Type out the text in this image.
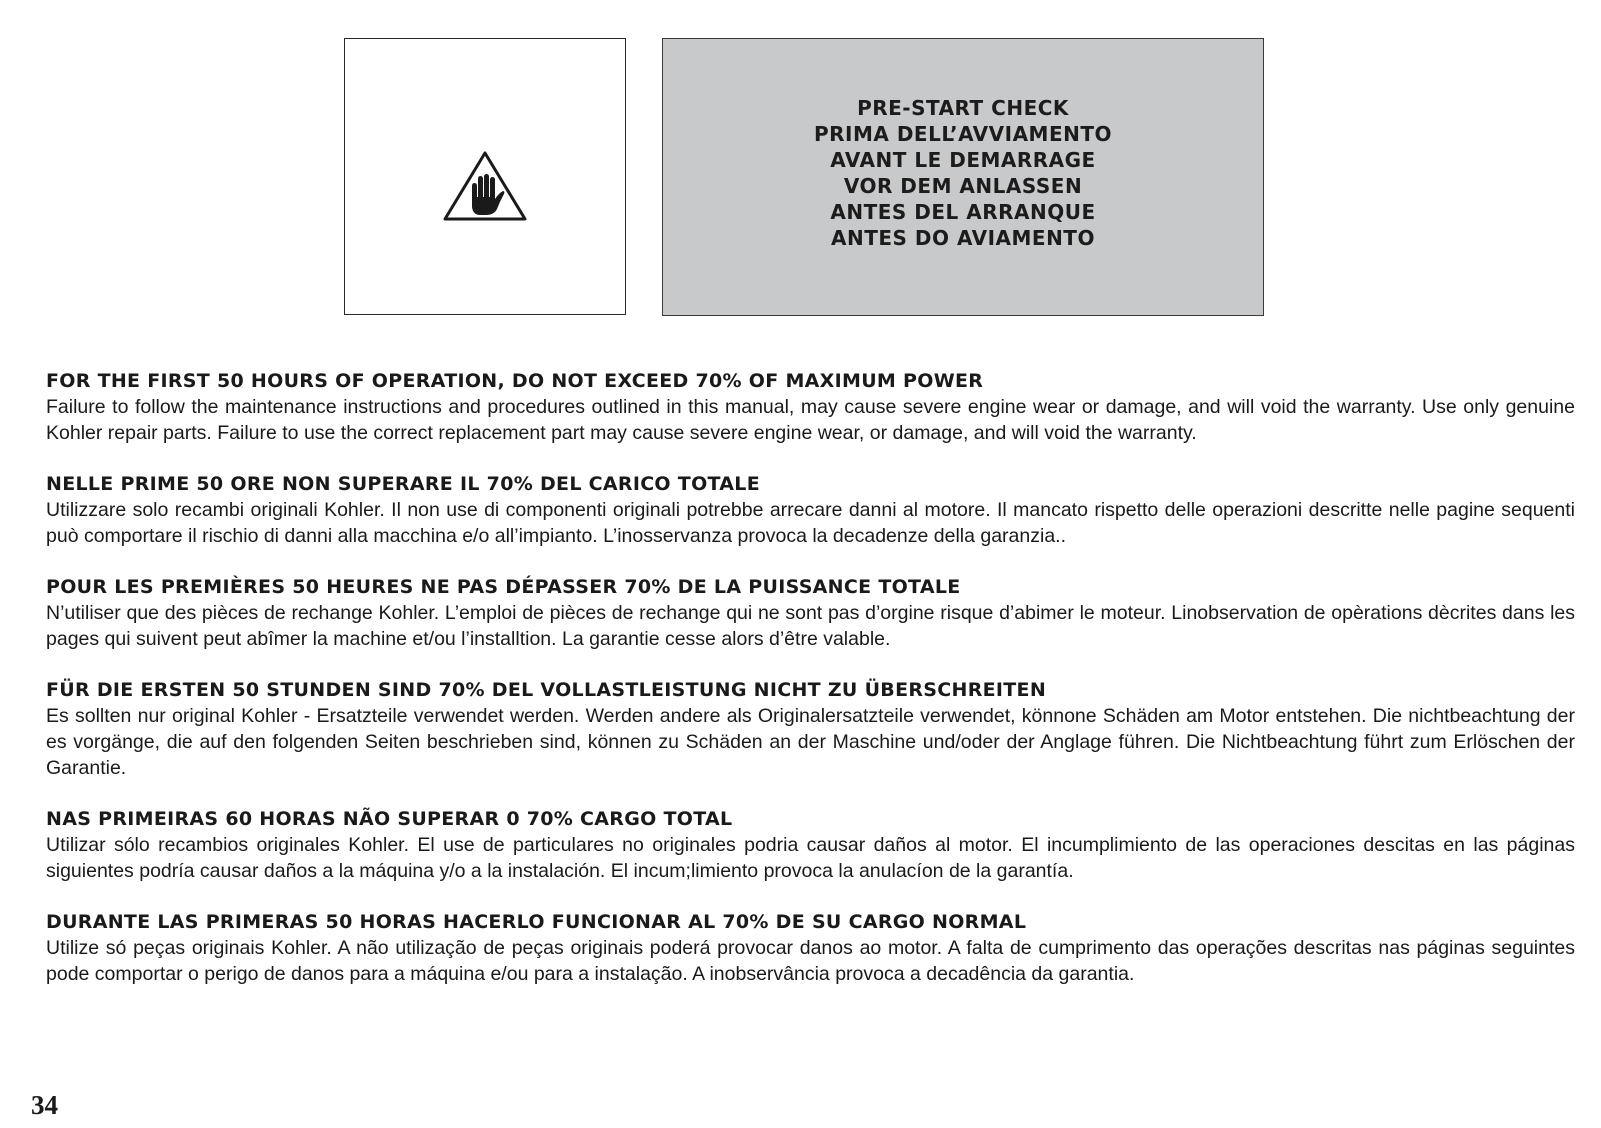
PRE-START CHECK
PRIMA DELL’AVVIAMENTO
AVANT LE DEMARRAGE
VOR DEM ANLASSEN
ANTES DEL ARRANQUE
ANTES DO AVIAMENTO
FOR THE FIRST 50 HOURS OF OPERATION, DO NOT EXCEED 70% OF MAXIMUM POWER
Failure to follow the maintenance instructions and procedures outlined in this manual, may cause severe engine wear or damage, and will void the warranty. Use only genuine Kohler repair parts. Failure to use the correct replacement part may cause severe engine wear, or damage, and will void the warranty.
NELLE PRIME 50 ORE NON SUPERARE IL 70% DEL CARICO TOTALE
Utilizzare solo recambi originali Kohler. Il non use di componenti originali potrebbe arrecare danni al motore. Il mancato rispetto delle operazioni descritte nelle pagine sequenti può comportare il rischio di danni alla macchina e/o all’impianto. L’inosservanza provoca la decadenze della garanzia..
POUR LES PREMIÈRES 50 HEURES NE PAS DÉPASSER 70% DE LA PUISSANCE TOTALE
N’utiliser que des pièces de rechange Kohler. L’emploi de pièces de rechange qui ne sont pas d’orgine risque d’abimer le moteur. Linobservation de opèrations dècrites dans les pages qui suivent peut abîmer la machine et/ou l’installtion. La garantie cesse alors d’être valable.
FÜR DIE ERSTEN 50 STUNDEN SIND 70% DEL VOLLASTLEISTUNG NICHT ZU ÜBERSCHREITEN
Es sollten nur original Kohler - Ersatzteile verwendet werden. Werden andere als Originalersatzteile verwendet, könnone Schäden am Motor entstehen. Die nichtbeachtung der es vorgänge, die auf den folgenden Seiten beschrieben sind, können zu Schäden an der Maschine und/oder der Anglage führen. Die Nichtbeachtung führt zum Erlöschen der Garantie.
NAS PRIMEIRAS 60 HORAS NÃO SUPERAR 0 70% CARGO TOTAL
Utilizar sólo recambios originales Kohler. El use de particulares no originales podria causar daños al motor. El incumplimiento de las operaciones descitas en las páginas siguientes podría causar daños a la máquina y/o a la instalación. El incum;limiento provoca la anulacíon de la garantía.
DURANTE LAS PRIMERAS 50 HORAS HACERLO FUNCIONAR AL 70% DE SU CARGO NORMAL
Utilize só peças originais Kohler. A não utilização de peças originais poderá provocar danos ao motor. A falta de cumprimento das operações descritas nas páginas seguintes pode comportar o perigo de danos para a máquina e/ou para a instalação. A inobservância provoca a decadência da garantia.
34
